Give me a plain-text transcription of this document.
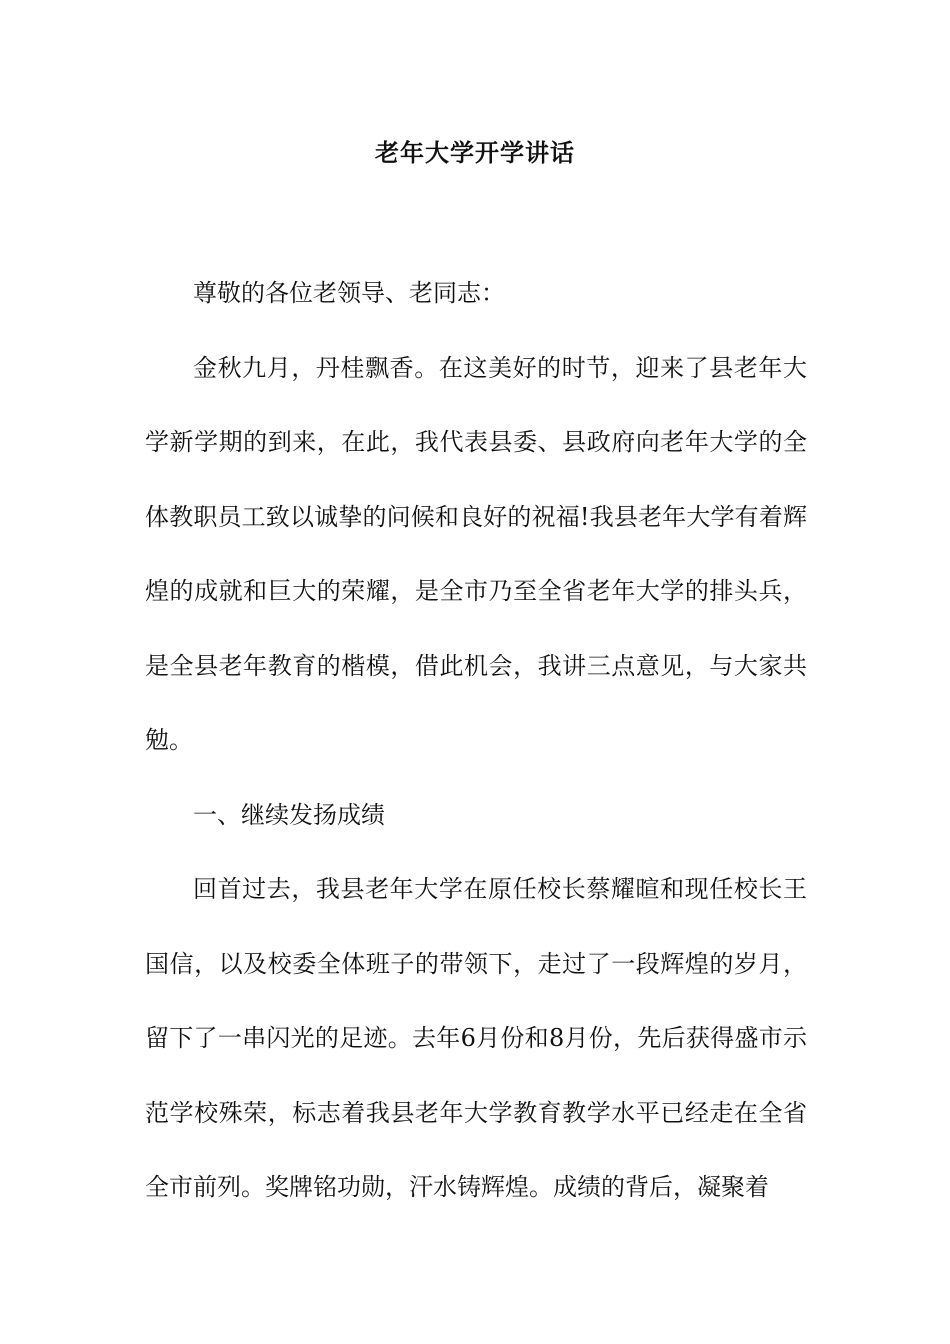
老年大学开学讲话

尊敬的各位老领导、老同志：

金秋九月，丹桂飘香。在这美好的时节，迎来了县老年大学新学期的到来，在此，我代表县委、县政府向老年大学的全体教职员工致以诚挚的问候和良好的祝福!我县老年大学有着辉煌的成就和巨大的荣耀，是全市乃至全省老年大学的排头兵，是全县老年教育的楷模，借此机会，我讲三点意见，与大家共勉。

一、继续发扬成绩

回首过去，我县老年大学在原任校长蔡耀暄和现任校长王国信，以及校委全体班子的带领下，走过了一段辉煌的岁月，留下了一串闪光的足迹。去年6月份和8月份，先后获得盛市示范学校殊荣，标志着我县老年大学教育教学水平已经走在全省全市前列。奖牌铭功勋，汗水铸辉煌。成绩的背后，凝聚着
